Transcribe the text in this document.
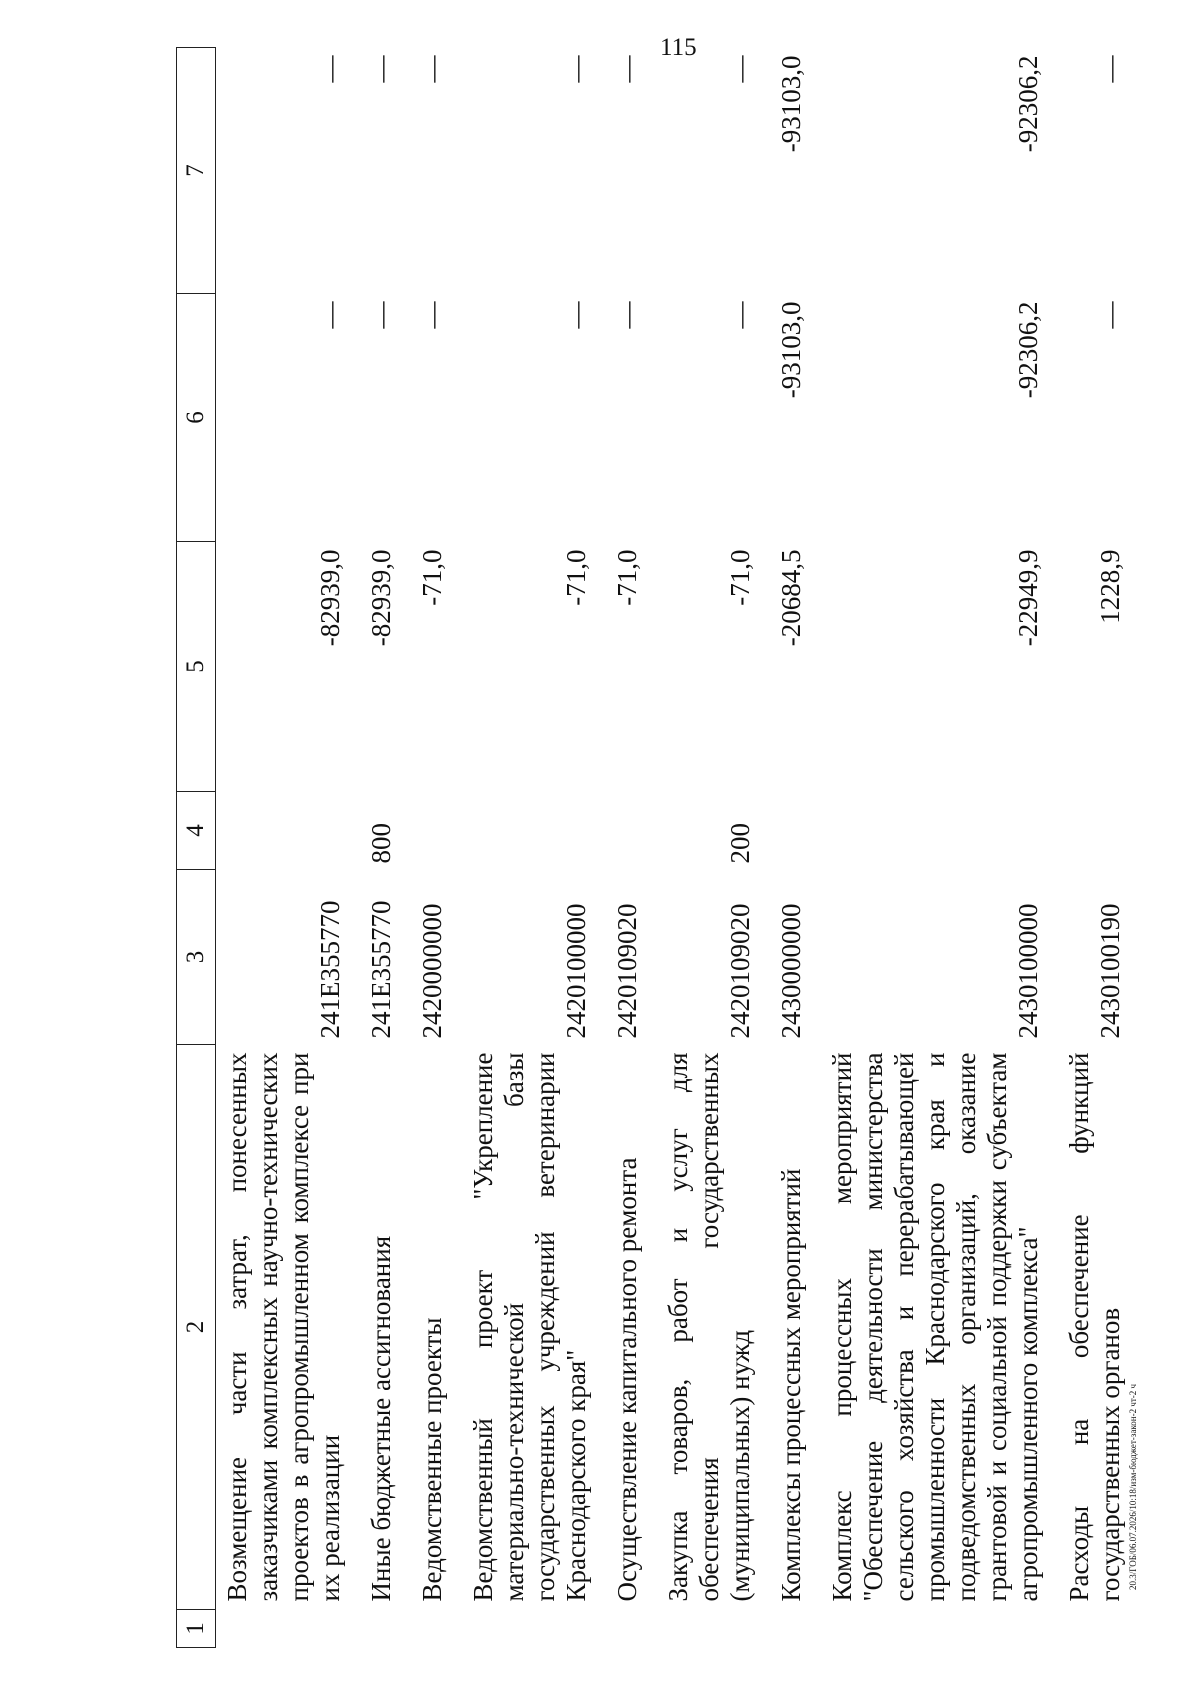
115
1	2	3	4	5	6	7
	Возмещение части затрат, понесенных заказчиками комплексных научно-технических проектов в агропромышленном комплексе при их реализации	241Е355770		-82939,0	—	—
	Иные бюджетные ассигнования	241Е355770	800	-82939,0	—	—
	Ведомственные проекты	2420000000		-71,0	—	—
	Ведомственный проект "Укрепление материально-технической базы государственных учреждений ветеринарии Краснодарского края"	2420100000		-71,0	—	—
	Осуществление капитального ремонта	2420109020		-71,0	—	—
	Закупка товаров, работ и услуг для обеспечения государственных (муниципальных) нужд	2420109020	200	-71,0	—	—
	Комплексы процессных мероприятий	2430000000		-20684,5	-93103,0	-93103,0
	Комплекс процессных мероприятий "Обеспечение деятельности министерства сельского хозяйства и перерабатывающей промышленности Краснодарского края и подведомственных организаций, оказание грантовой и социальной поддержки субъектам агропромышленного комплекса"	2430100000		-22949,9	-92306,2	-92306,2
	Расходы на обеспечение функций государственных органов	2430100190		1228,9	—	—
20.3/ГОБ/06.07.2026/10:18/изм-бюджет-закон-2 чт-2 ч
